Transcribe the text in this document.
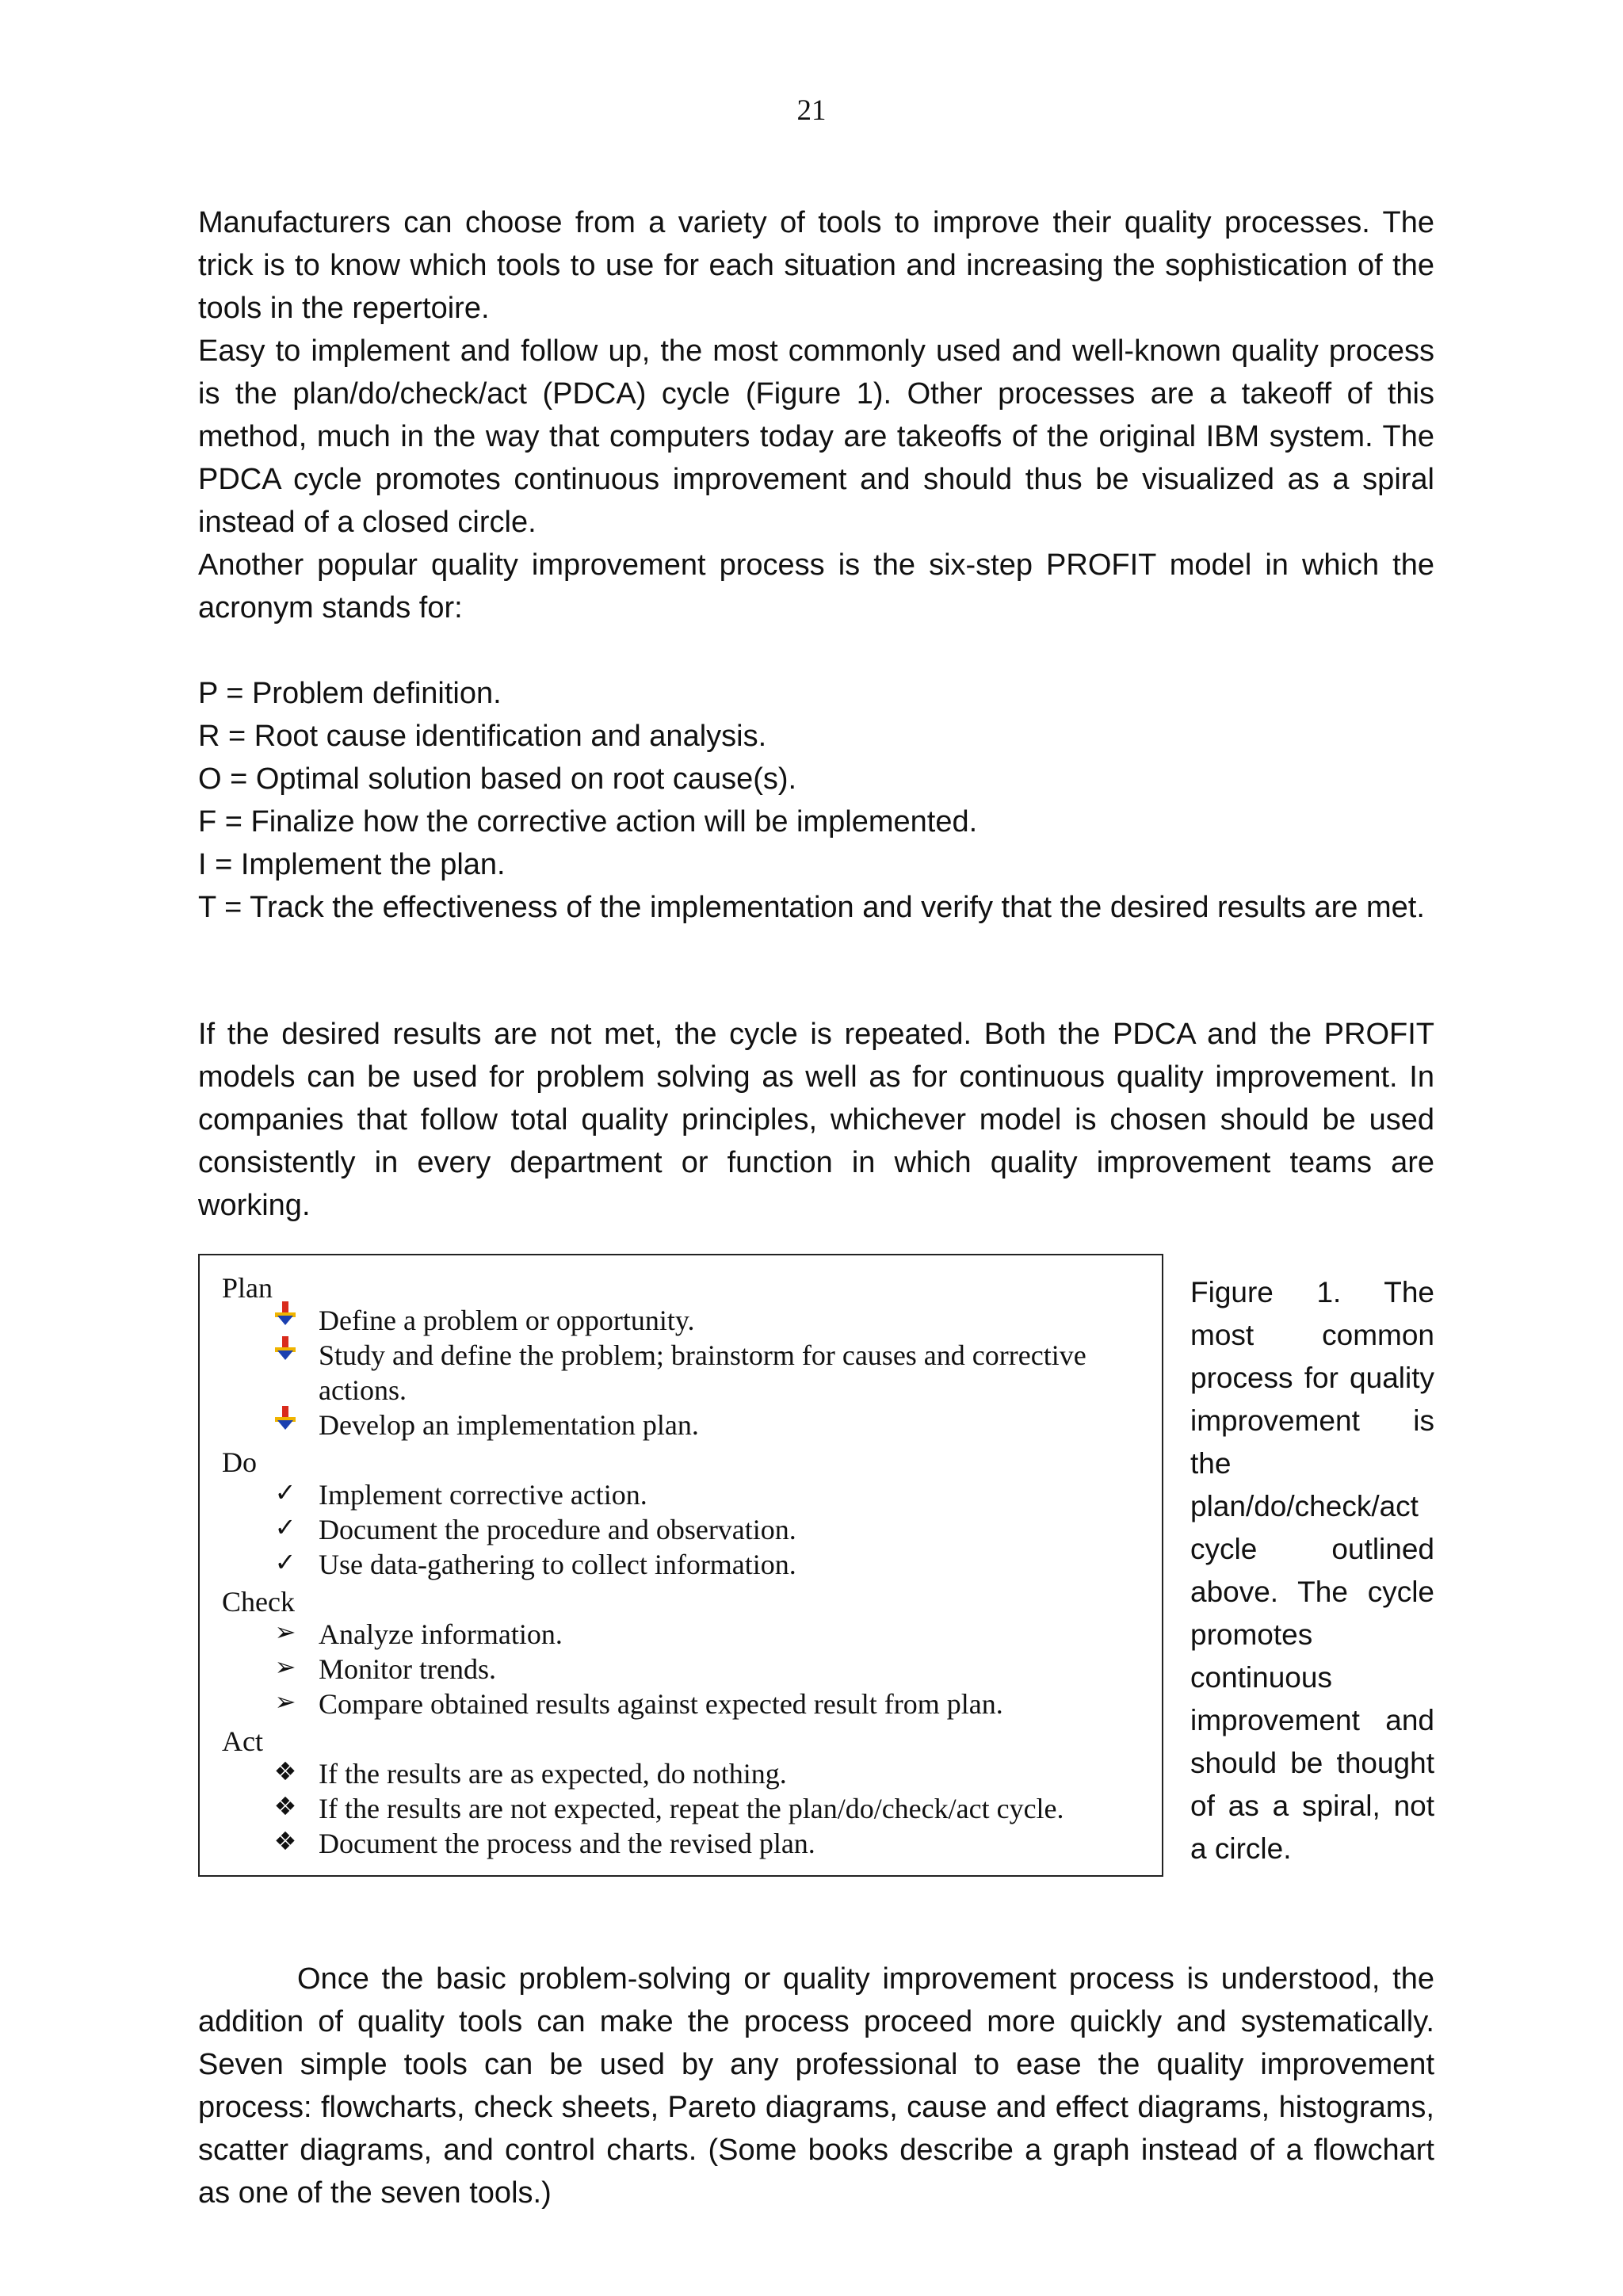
21

Manufacturers can choose from a variety of tools to improve their quality processes. The trick is to know which tools to use for each situation and increasing the sophistication of the tools in the repertoire.

Easy to implement and follow up, the most commonly used and well-known quality process is the plan/do/check/act (PDCA) cycle (Figure 1). Other processes are a takeoff of this method, much in the way that computers today are takeoffs of the original IBM system. The PDCA cycle promotes continuous improvement and should thus be visualized as a spiral instead of a closed circle.

Another popular quality improvement process is the six-step PROFIT model in which the acronym stands for:

P = Problem definition.
R = Root cause identification and analysis.
O = Optimal solution based on root cause(s).
F = Finalize how the corrective action will be implemented.
I = Implement the plan.
T = Track the effectiveness of the implementation and verify that the desired results are met.

If the desired results are not met, the cycle is repeated. Both the PDCA and the PROFIT models can be used for problem solving as well as for continuous quality improvement. In companies that follow total quality principles, whichever model is chosen should be used consistently in every department or function in which quality improvement teams are working.

Plan
Define a problem or opportunity.
Study and define the problem; brainstorm for causes and corrective actions.
Develop an implementation plan.
Do
✓ Implement corrective action.
✓ Document the procedure and observation.
✓ Use data-gathering to collect information.
Check
➢ Analyze information.
➢ Monitor trends.
➢ Compare obtained results against expected result from plan.
Act
❖ If the results are as expected, do nothing.
❖ If the results are not expected, repeat the plan/do/check/act cycle.
❖ Document the process and the revised plan.
Figure 1. The most common process for quality improvement is the plan/do/check/act cycle outlined above. The cycle promotes continuous improvement and should be thought of as a spiral, not a circle.

Once the basic problem-solving or quality improvement process is understood, the addition of quality tools can make the process proceed more quickly and systematically. Seven simple tools can be used by any professional to ease the quality improvement process: flowcharts, check sheets, Pareto diagrams, cause and effect diagrams, histograms, scatter diagrams, and control charts. (Some books describe a graph instead of a flowchart as one of the seven tools.)
